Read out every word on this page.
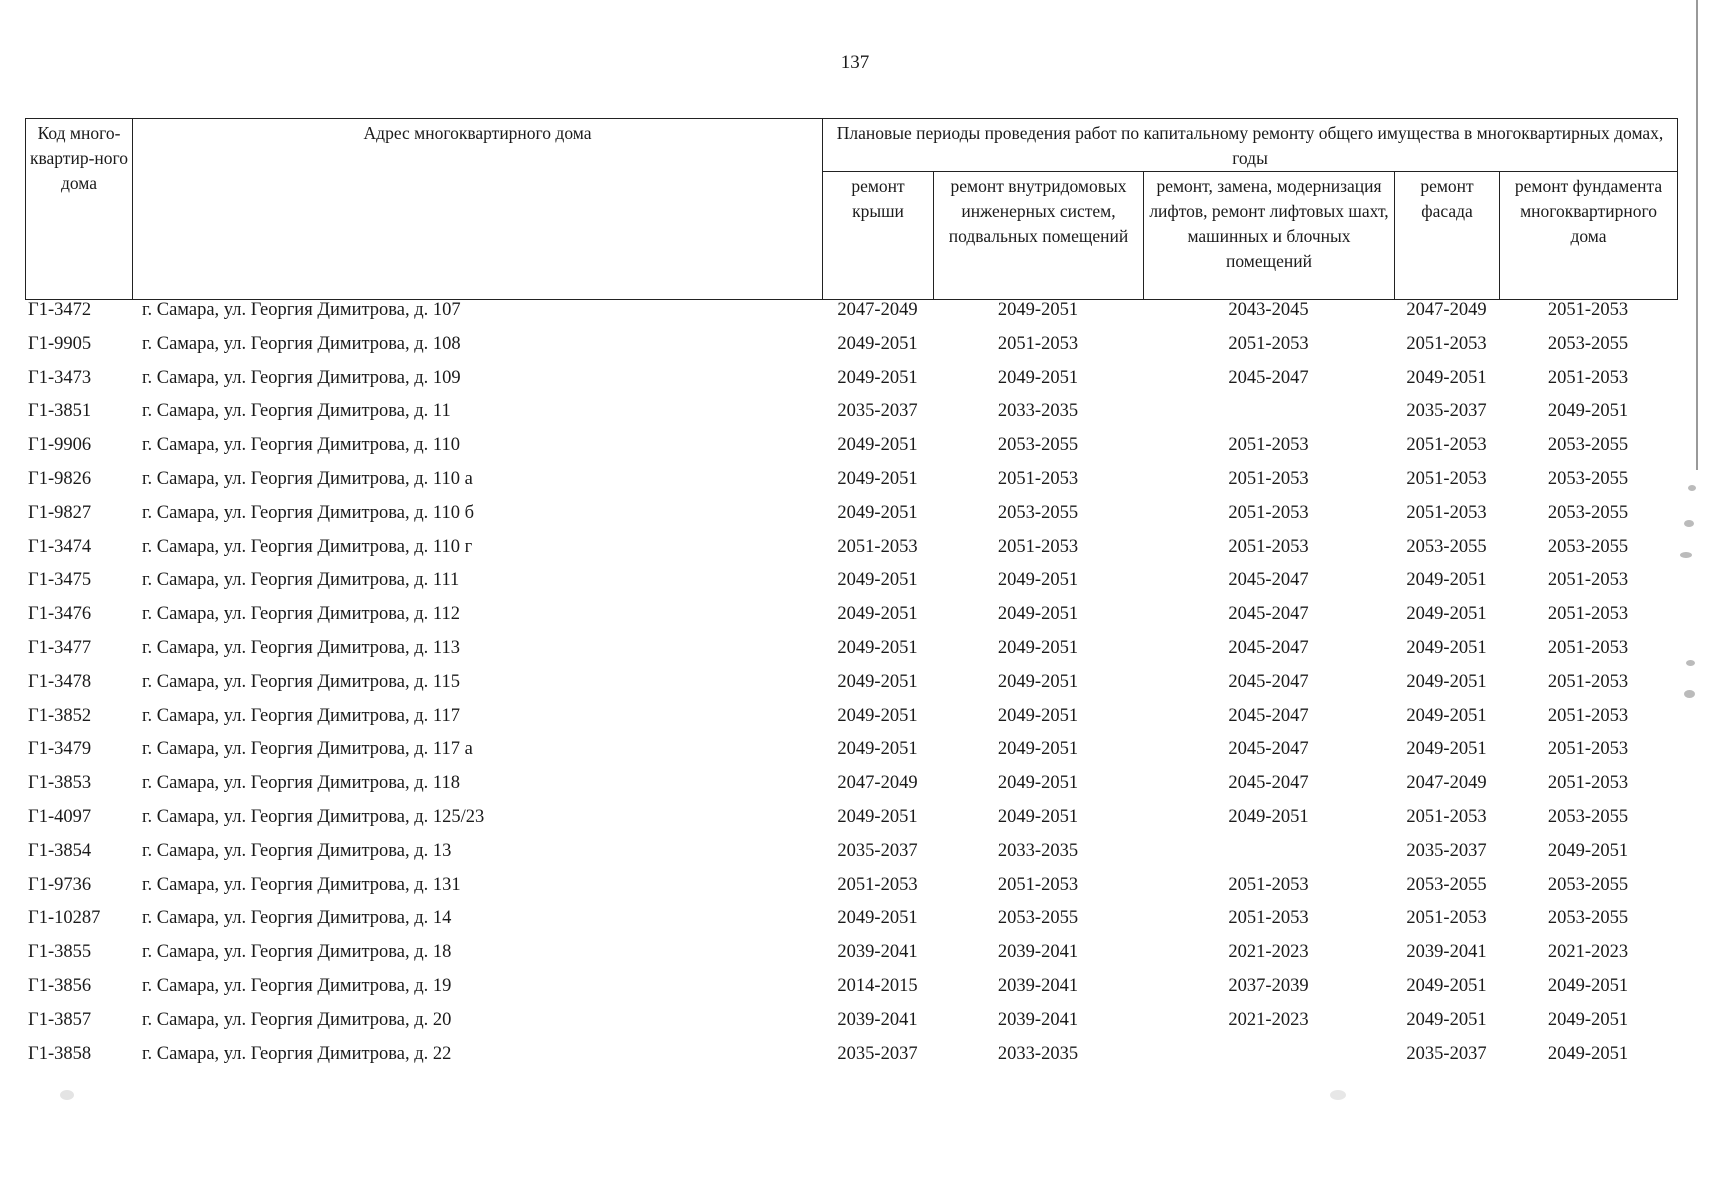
137
Код много-квартир-ного дома	Адрес многоквартирного дома	Плановые периоды проведения работ по капитальному ремонту общего имущества в многоквартирных домах, годы				
		ремонт крыши	ремонт внутридомовых инженерных систем, подвальных помещений	ремонт, замена, модернизация лифтов, ремонт лифтовых шахт, машинных и блочных помещений	ремонт фасада	ремонт фундамента многоквартирного дома
Г1-3472	г. Самара, ул. Георгия Димитрова, д. 107	2047-2049	2049-2051	2043-2045	2047-2049	2051-2053
Г1-9905	г. Самара, ул. Георгия Димитрова, д. 108	2049-2051	2051-2053	2051-2053	2051-2053	2053-2055
Г1-3473	г. Самара, ул. Георгия Димитрова, д. 109	2049-2051	2049-2051	2045-2047	2049-2051	2051-2053
Г1-3851	г. Самара, ул. Георгия Димитрова, д. 11	2035-2037	2033-2035		2035-2037	2049-2051
Г1-9906	г. Самара, ул. Георгия Димитрова, д. 110	2049-2051	2053-2055	2051-2053	2051-2053	2053-2055
Г1-9826	г. Самара, ул. Георгия Димитрова, д. 110 а	2049-2051	2051-2053	2051-2053	2051-2053	2053-2055
Г1-9827	г. Самара, ул. Георгия Димитрова, д. 110 б	2049-2051	2053-2055	2051-2053	2051-2053	2053-2055
Г1-3474	г. Самара, ул. Георгия Димитрова, д. 110 г	2051-2053	2051-2053	2051-2053	2053-2055	2053-2055
Г1-3475	г. Самара, ул. Георгия Димитрова, д. 111	2049-2051	2049-2051	2045-2047	2049-2051	2051-2053
Г1-3476	г. Самара, ул. Георгия Димитрова, д. 112	2049-2051	2049-2051	2045-2047	2049-2051	2051-2053
Г1-3477	г. Самара, ул. Георгия Димитрова, д. 113	2049-2051	2049-2051	2045-2047	2049-2051	2051-2053
Г1-3478	г. Самара, ул. Георгия Димитрова, д. 115	2049-2051	2049-2051	2045-2047	2049-2051	2051-2053
Г1-3852	г. Самара, ул. Георгия Димитрова, д. 117	2049-2051	2049-2051	2045-2047	2049-2051	2051-2053
Г1-3479	г. Самара, ул. Георгия Димитрова, д. 117 а	2049-2051	2049-2051	2045-2047	2049-2051	2051-2053
Г1-3853	г. Самара, ул. Георгия Димитрова, д. 118	2047-2049	2049-2051	2045-2047	2047-2049	2051-2053
Г1-4097	г. Самара, ул. Георгия Димитрова, д. 125/23	2049-2051	2049-2051	2049-2051	2051-2053	2053-2055
Г1-3854	г. Самара, ул. Георгия Димитрова, д. 13	2035-2037	2033-2035		2035-2037	2049-2051
Г1-9736	г. Самара, ул. Георгия Димитрова, д. 131	2051-2053	2051-2053	2051-2053	2053-2055	2053-2055
Г1-10287	г. Самара, ул. Георгия Димитрова, д. 14	2049-2051	2053-2055	2051-2053	2051-2053	2053-2055
Г1-3855	г. Самара, ул. Георгия Димитрова, д. 18	2039-2041	2039-2041	2021-2023	2039-2041	2021-2023
Г1-3856	г. Самара, ул. Георгия Димитрова, д. 19	2014-2015	2039-2041	2037-2039	2049-2051	2049-2051
Г1-3857	г. Самара, ул. Георгия Димитрова, д. 20	2039-2041	2039-2041	2021-2023	2049-2051	2049-2051
Г1-3858	г. Самара, ул. Георгия Димитрова, д. 22	2035-2037	2033-2035		2035-2037	2049-2051
